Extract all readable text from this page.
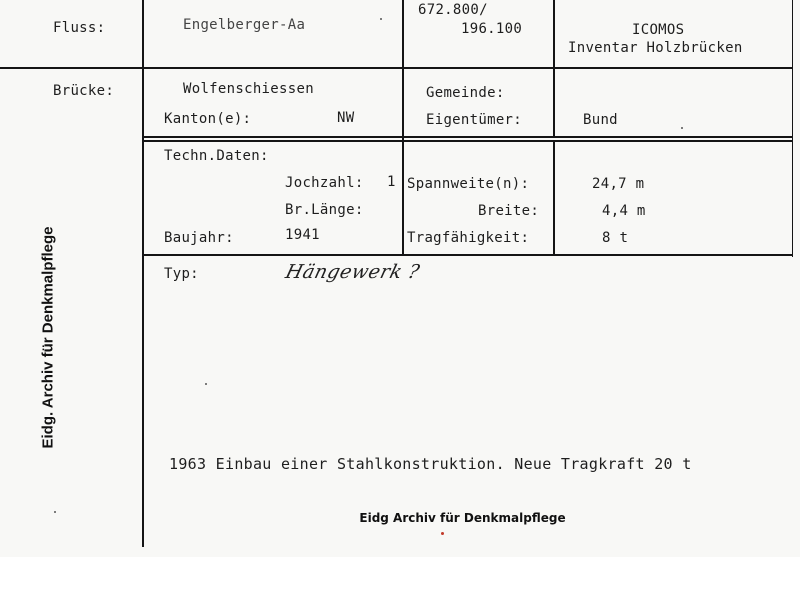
Fluss:	Engelberger-Aa
672.800/
196.100	ICOMOS
Inventar Holzbrücken
Brücke:	Wolfenschiessen
Kanton(e):	NW
Gemeinde:
Eigentümer:	Bund
Techn.Daten:
Jochzahl: 1
Br.Länge:
Baujahr:	1941
Spannweite(n):	24,7 m
Breite:	4,4 m
Tragfähigkeit:	8 t
Typ:	Hängewerk ?
1963 Einbau einer Stahlkonstruktion. Neue Tragkraft 20 t
Eidg. Archiv für Denkmalpflege
Eidg Archiv für Denkmalpflege
